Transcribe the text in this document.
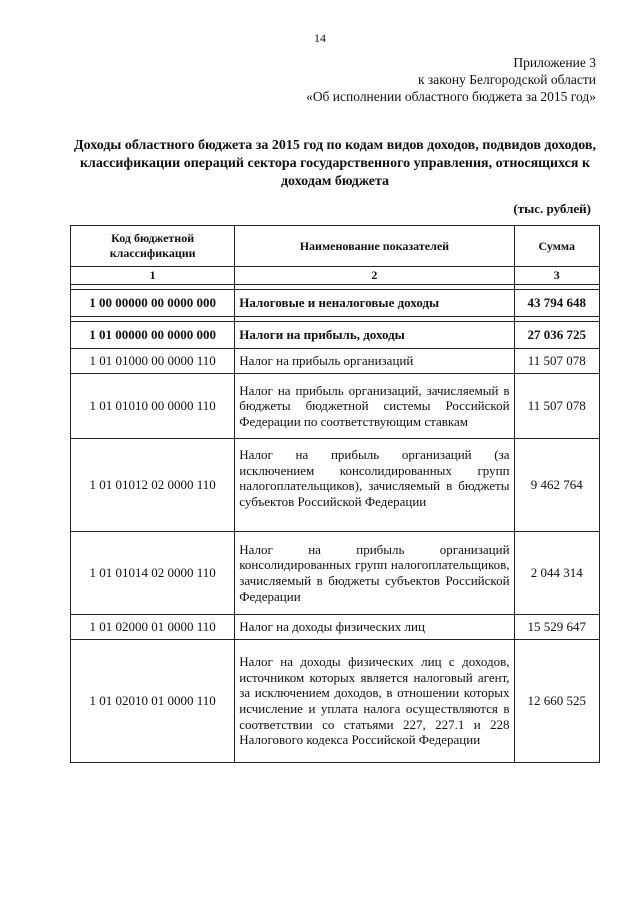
14
Приложение 3
к закону Белгородской области
«Об исполнении областного бюджета за 2015 год»
Доходы областного бюджета за 2015 год по кодам видов доходов, подвидов доходов, классификации операций сектора государственного управления, относящихся к доходам бюджета
(тыс. рублей)
Код бюджетной классификации	Наименование показателей	Сумма
1	2	3

1 00 00000 00 0000 000	Налоговые и неналоговые доходы	43 794 648

1 01 00000 00 0000 000	Налоги на прибыль, доходы	27 036 725
1 01 01000 00 0000 110	Налог на прибыль организаций	11 507 078
1 01 01010 00 0000 110	Налог на прибыль организаций, зачисляемый в бюджеты бюджетной системы Российской Федерации по соответствующим ставкам	11 507 078
1 01 01012 02 0000 110	Налог на прибыль организаций (за исключением консолидированных групп налогоплательщиков), зачисляемый в бюджеты субъектов Российской Федерации	9 462 764
1 01 01014 02 0000 110	Налог на прибыль организаций консолидированных групп налогоплательщиков, зачисляемый в бюджеты субъектов Российской Федерации	2 044 314
1 01 02000 01 0000 110	Налог на доходы физических лиц	15 529 647
1 01 02010 01 0000 110	Налог на доходы физических лиц с доходов, источником которых является налоговый агент, за исключением доходов, в отношении которых исчисление и уплата налога осуществляются в соответствии со статьями 227, 227.1 и 228 Налогового кодекса Российской Федерации	12 660 525
